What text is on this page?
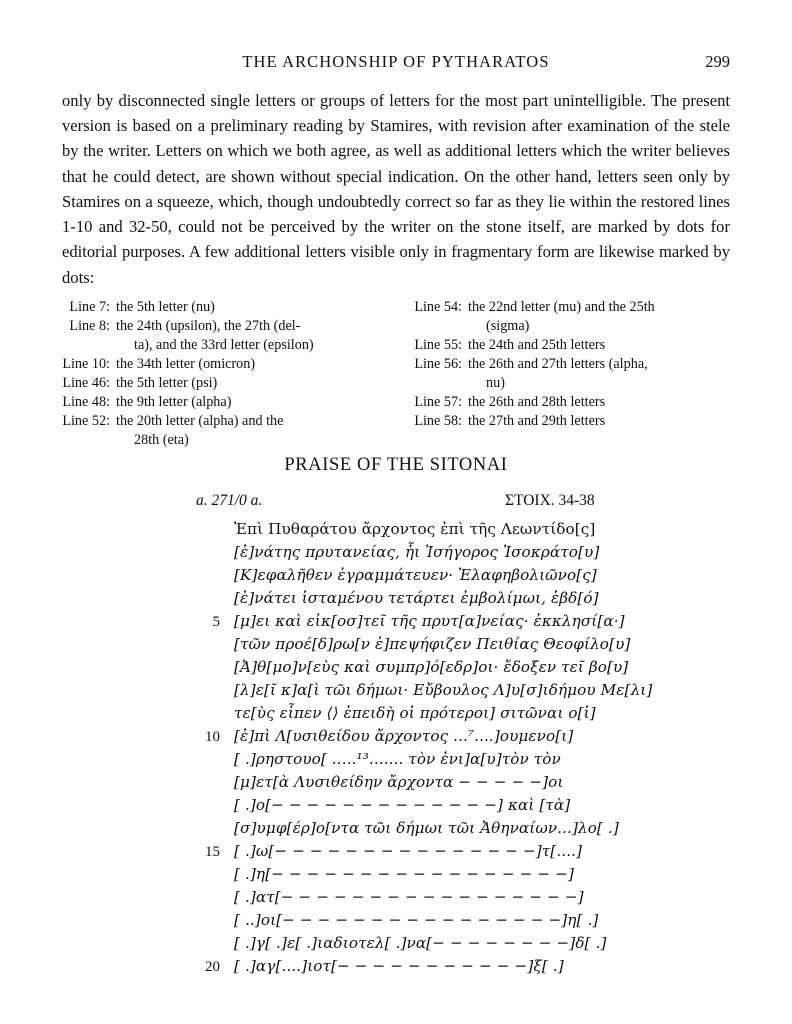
THE ARCHONSHIP OF PYTHARATOS	299
only by disconnected single letters or groups of letters for the most part unintelligible. The present version is based on a preliminary reading by Stamires, with revision after examination of the stele by the writer. Letters on which we both agree, as well as additional letters which the writer believes that he could detect, are shown without special indication. On the other hand, letters seen only by Stamires on a squeeze, which, though undoubtedly correct so far as they lie within the restored lines 1-10 and 32-50, could not be perceived by the writer on the stone itself, are marked by dots for editorial purposes. A few additional letters visible only in fragmentary form are likewise marked by dots:
Line 7: the 5th letter (nu)
Line 8: the 24th (upsilon), the 27th (del-
ta), and the 33rd letter (epsilon)
Line 10: the 34th letter (omicron)
Line 46: the 5th letter (psi)
Line 48: the 9th letter (alpha)
Line 52: the 20th letter (alpha) and the
28th (eta)
Line 54: the 22nd letter (mu) and the 25th
(sigma)
Line 55: the 24th and 25th letters
Line 56: the 26th and 27th letters (alpha,
nu)
Line 57: the 26th and 28th letters
Line 58: the 27th and 29th letters
PRAISE OF THE SITONAI
a. 271/0 a.	ΣΤΟΙΧ. 34-38
Ἐπὶ Πυθαράτου ἄρχοντος ἐπὶ τῆς Λεωντίδο[ς]
[ἐ]νάτης πρυτανείας, ἧι Ἰσήγορος Ἰσοκράτο[υ]
[Κ]εφαλῆθεν ἐγραμμάτευεν· Ἐλαφηβολιῶνο[ς]
[ἐ]νάτει ἱσταμένου τετάρτει ἐμβολίμωι, ἑβδ[ό]
5 [μ]ει καὶ εἰκ[οσ]τεῖ τῆς πρυτ[α]νείας· ἐκκλησί[α·]
[τῶν προέ[δ]ρω[ν ἐ]πεψήφιζεν Πειθίας Θεοφίλο[υ]
[Ἀ]θ[μο]ν[εὺς καὶ συμπρ]ό[εδρ]οι· ἔδοξεν τεῖ βο[υ]
[λ]ε[ῖ κ]α[ὶ τῶι δήμωι· Εὔβουλος Λ]υ[σ]ιδήμου Με[λι]
τε[ὺς εἶπεν ⟨⟩ ἐπειδὴ οἱ πρότεροι] σιτῶναι ο[ἱ]
10 [ἐ]πὶ Λ[υσιθείδου ἄρχοντος ...⁷....]ουμενο[ι]
[ .]ρηστουο[ .....¹³....... τὸν ἐνι]α[υ]τὸν τὸν
[μ]ετ[ὰ Λυσιθείδην ἄρχοντα − − − − −]οι
[ .]ο[− − − − − − − − − − − − −] καὶ [τὰ]
[σ]υμφ[έρ]ο[ντα τῶι δήμωι τῶι Ἀθηναίων...]λο[ .]
15 [ .]ω[− − − − − − − − − − − − − − −]τ[....]
[ .]η[− − − − − − − − − − − − − − − − −]
[ .]ατ[− − − − − − − − − − − − − − − − −]
[ ..]οι[− − − − − − − − − − − − − − − −]η[ .]
[ .]γ[ .]ε[ .]ιαδιοτελ[ .]να[− − − − − − − −]δ[ .]
20 [ .]αγ[....]ιοτ[− − − − − − − − − − −]ξ[ .]
